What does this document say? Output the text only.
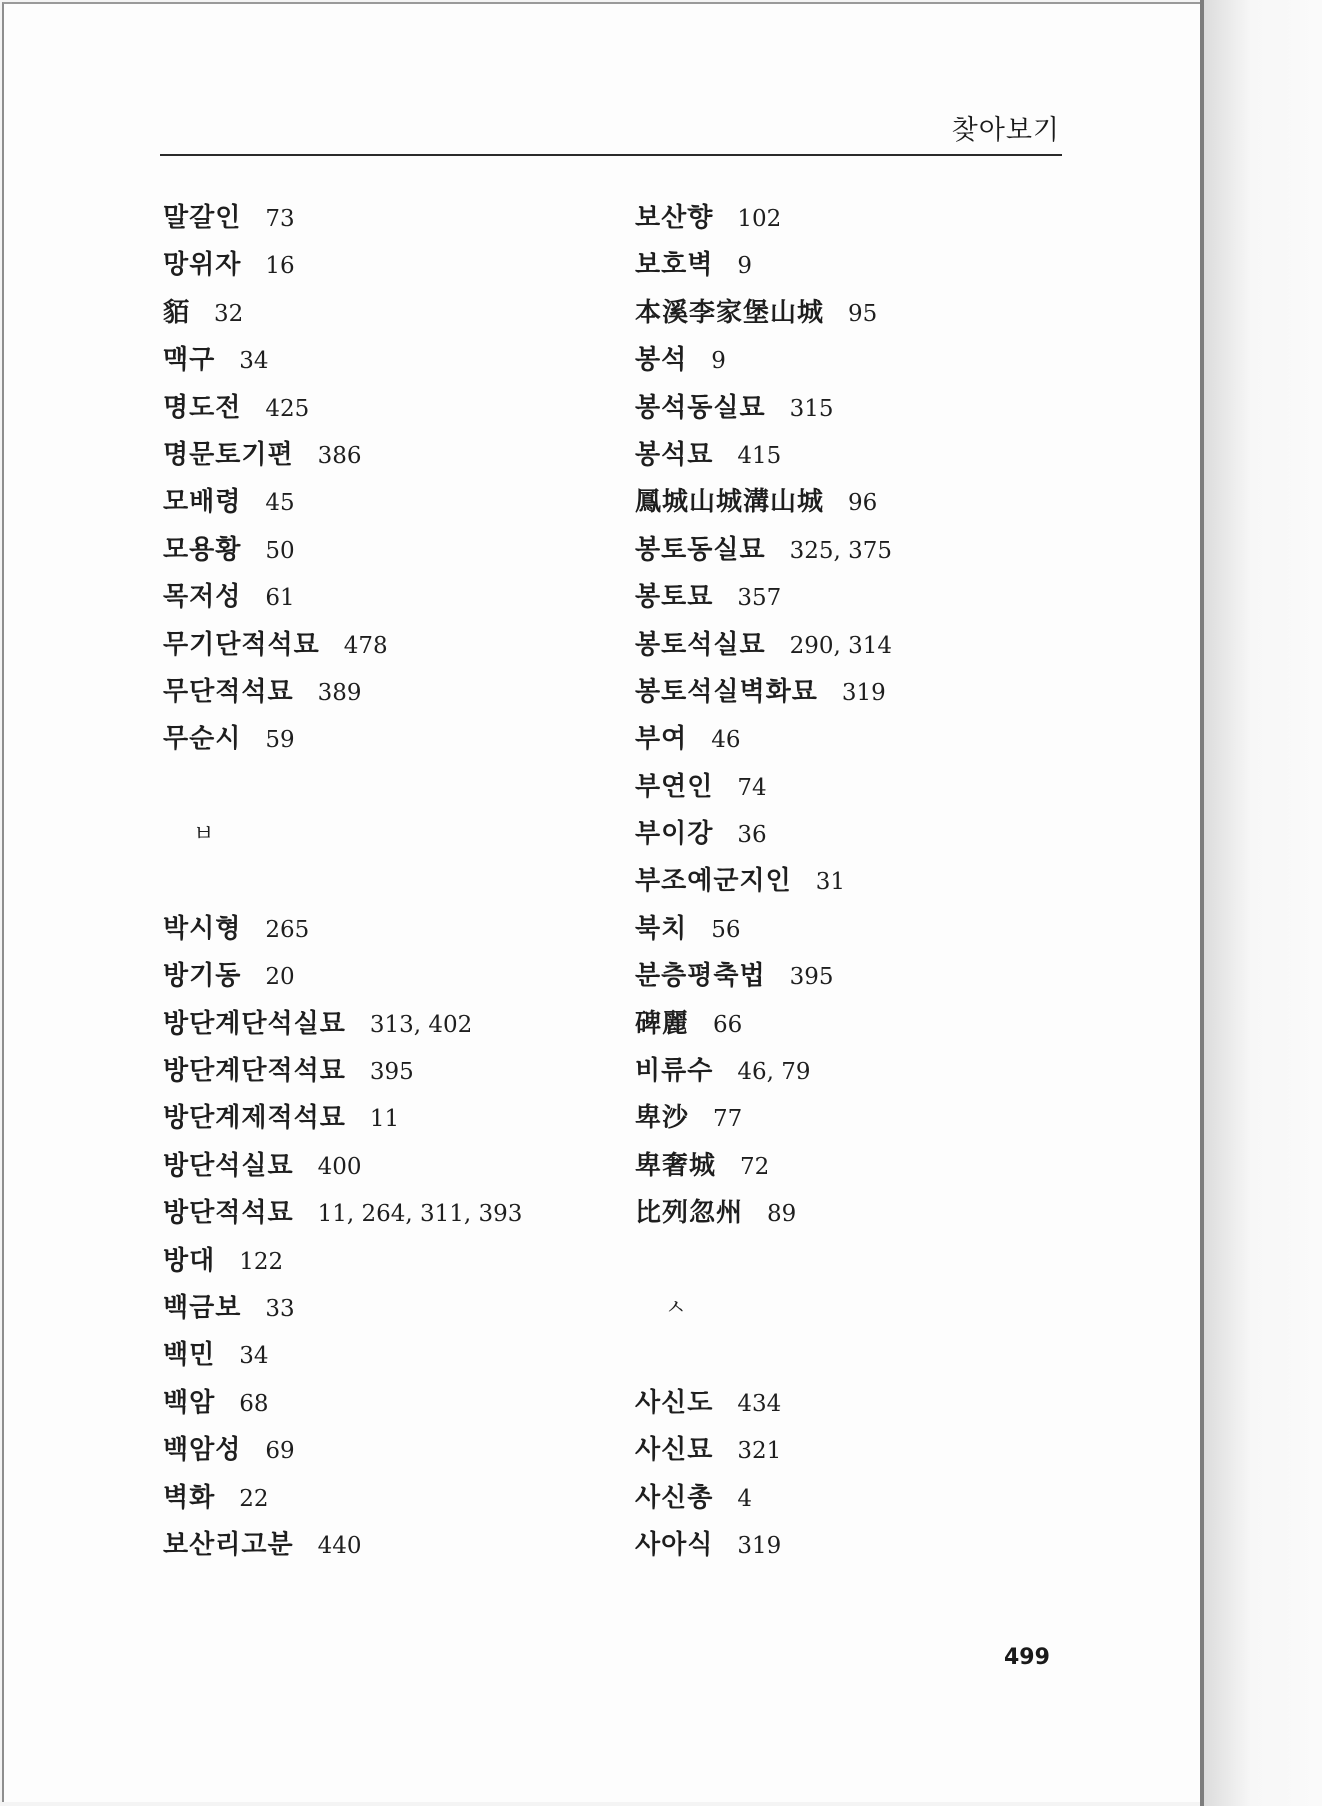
찾아보기
말갈인 73
망위자 16
貊 32
맥구 34
명도전 425
명문토기편 386
모배령 45
모용황 50
목저성 61
무기단적석묘 478
무단적석묘 389
무순시 59
ㅂ
박시형 265
방기동 20
방단계단석실묘 313, 402
방단계단적석묘 395
방단계제적석묘 11
방단석실묘 400
방단적석묘 11, 264, 311, 393
방대 122
백금보 33
백민 34
백암 68
백암성 69
벽화 22
보산리고분 440
보산향 102
보호벽 9
本溪李家堡山城 95
봉석 9
봉석동실묘 315
봉석묘 415
鳳城山城溝山城 96
봉토동실묘 325, 375
봉토묘 357
봉토석실묘 290, 314
봉토석실벽화묘 319
부여 46
부연인 74
부이강 36
부조예군지인 31
북치 56
분층평축법 395
碑麗 66
비류수 46, 79
卑沙 77
卑奢城 72
比列忽州 89
ㅅ
사신도 434
사신묘 321
사신총 4
사아식 319
499
